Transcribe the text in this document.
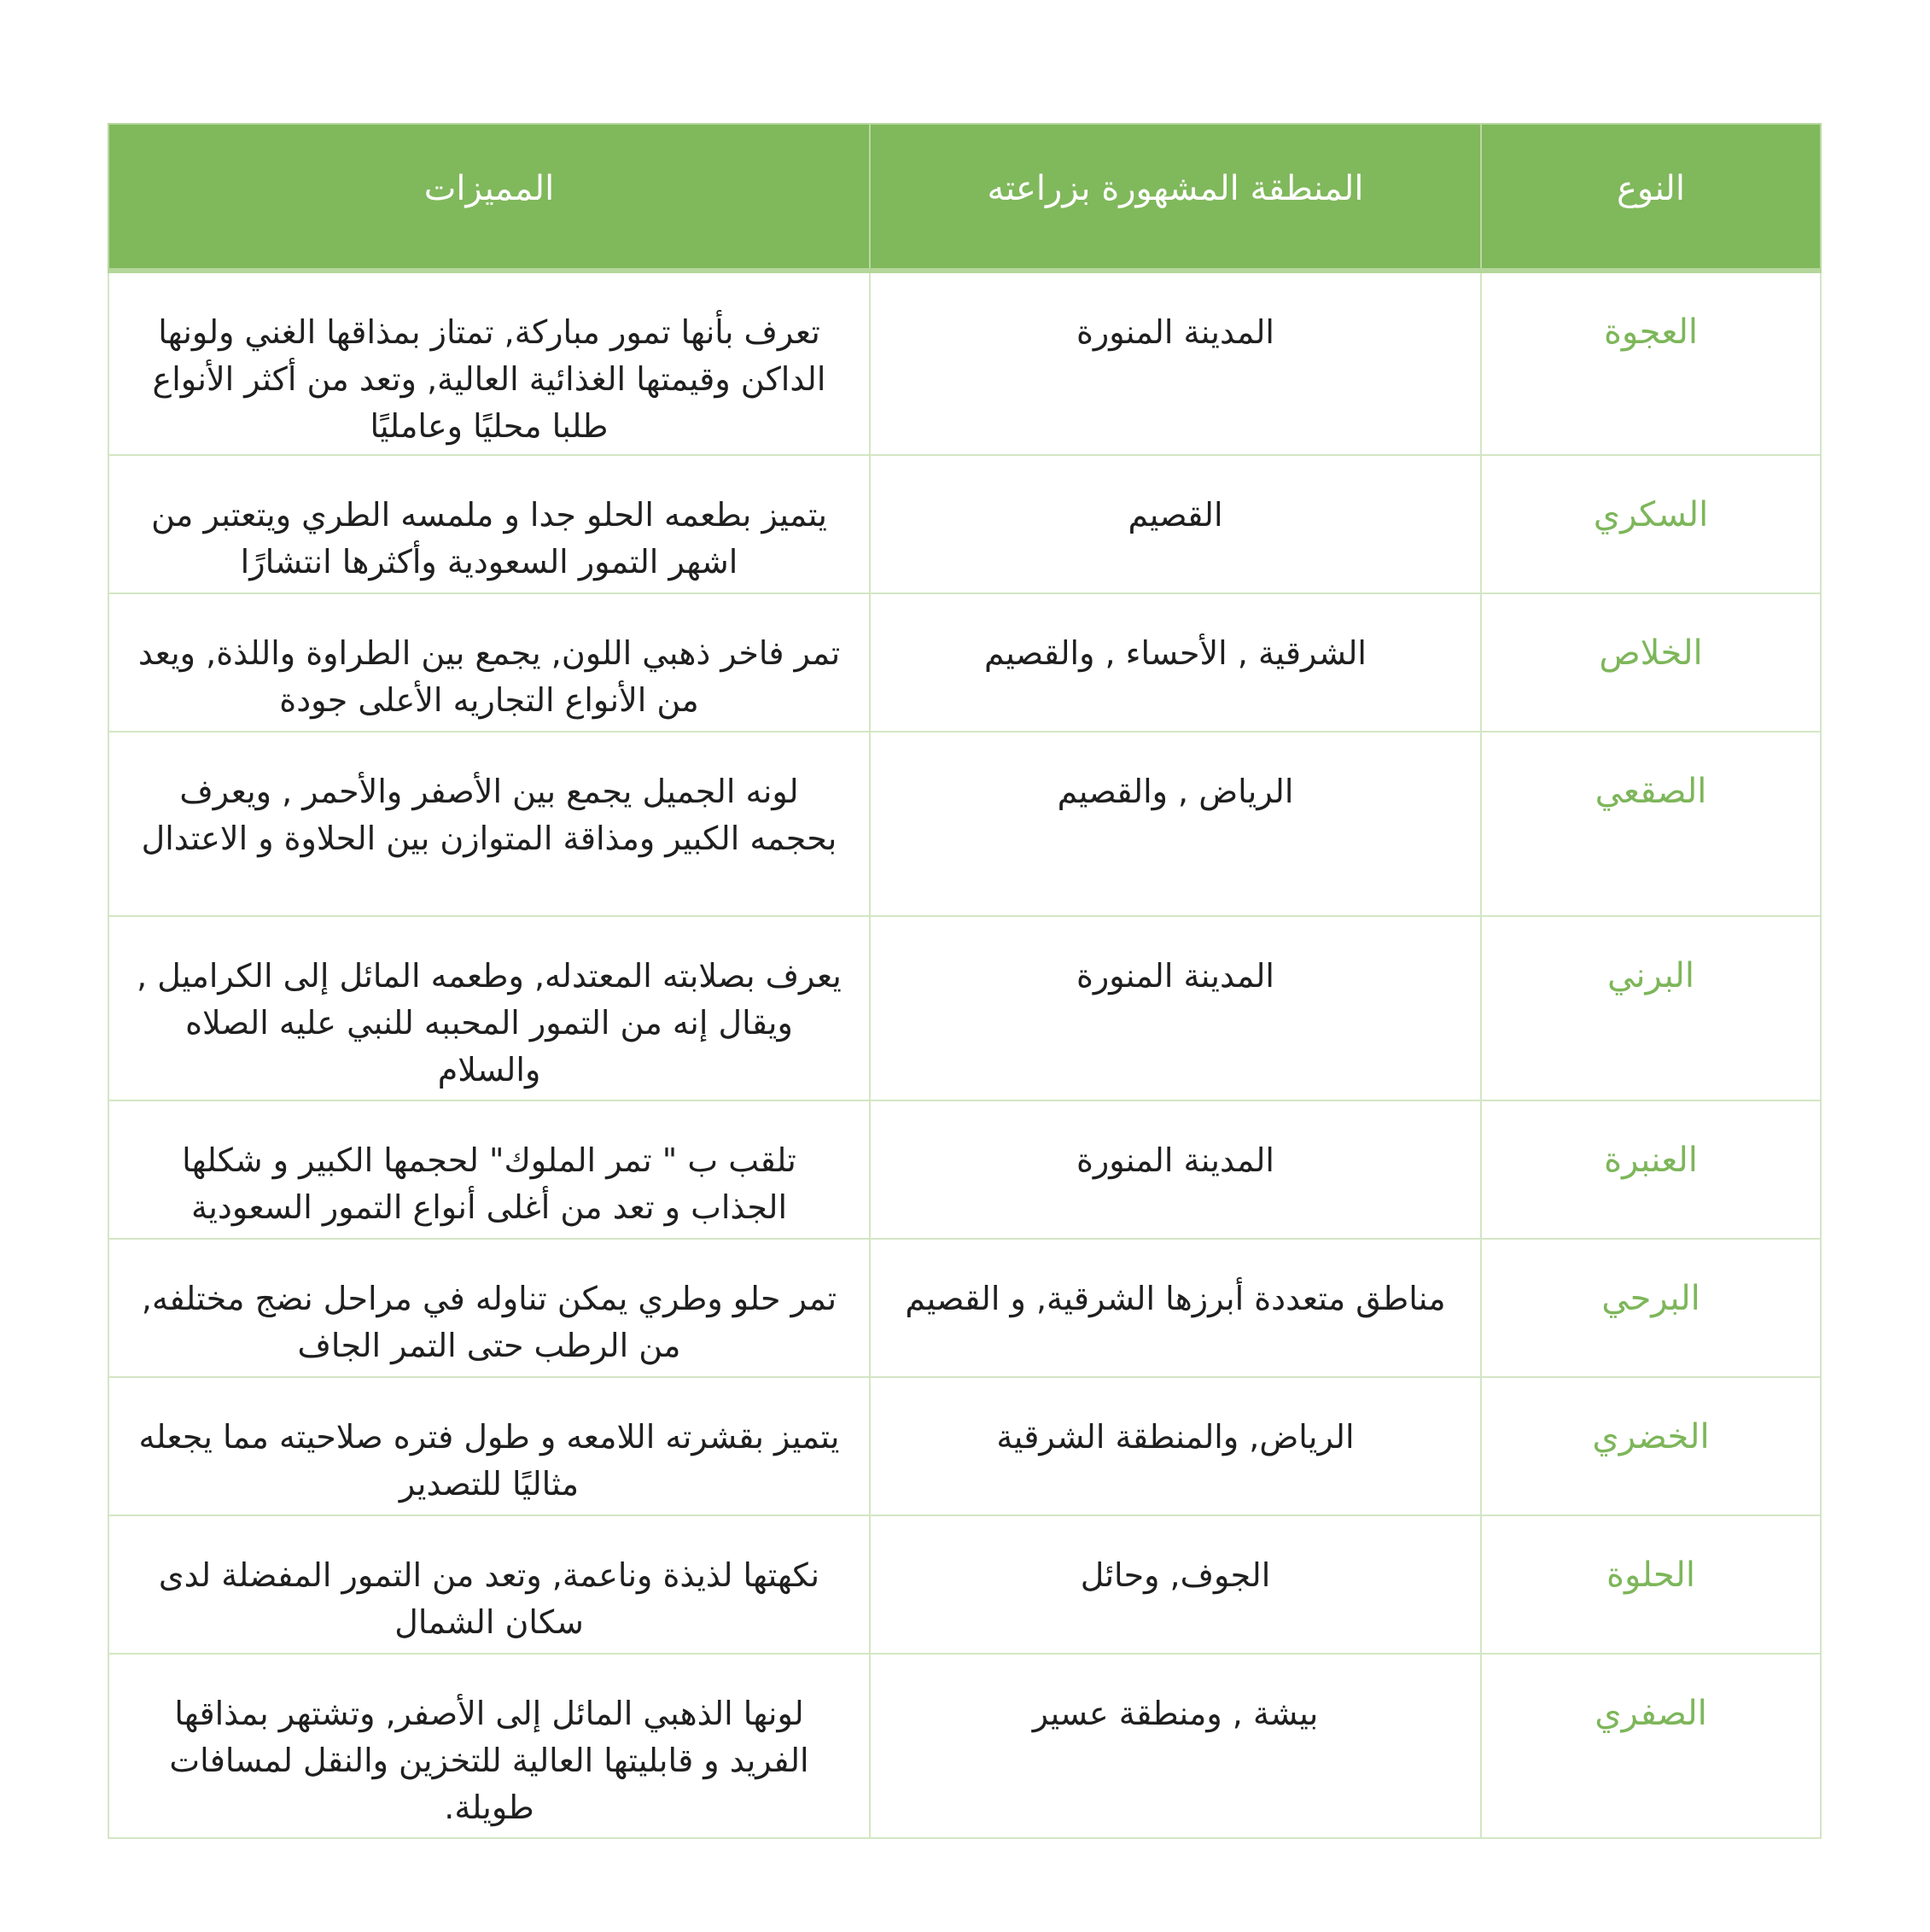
النوع	المنطقة المشهورة بزراعته	المميزات
العجوة	المدينة المنورة	تعرف بأنها تمور مباركة, تمتاز بمذاقها الغني ولونها الداكن وقيمتها الغذائية العالية, وتعد من أكثر الأنواع طلبا محليًا وعامليًا
السكري	القصيم	يتميز بطعمه الحلو جدا و ملمسه الطري ويتعتبر من اشهر التمور السعودية وأكثرها انتشارًا
الخلاص	الشرقية , الأحساء , والقصيم	تمر فاخر ذهبي اللون, يجمع بين الطراوة واللذة, ويعد من الأنواع التجاريه الأعلى جودة
الصقعي	الرياض , والقصيم	لونه الجميل يجمع بين الأصفر والأحمر , ويعرف بحجمه الكبير ومذاقة المتوازن بين الحلاوة و الاعتدال
البرني	المدينة المنورة	يعرف بصلابته المعتدله, وطعمه المائل إلى الكراميل , ويقال إنه من التمور المحببه للنبي عليه الصلاه والسلام
العنبرة	المدينة المنورة	تلقب ب " تمر الملوك" لحجمها الكبير و شكلها الجذاب و تعد من أغلى أنواع التمور السعودية
البرحي	مناطق متعددة أبرزها الشرقية, و القصيم	تمر حلو وطري يمكن تناوله في مراحل نضج مختلفه, من الرطب حتى التمر الجاف
الخضري	الرياض, والمنطقة الشرقية	يتميز بقشرته اللامعه و طول فتره صلاحيته مما يجعله مثاليًا للتصدير
الحلوة	الجوف, وحائل	نكهتها لذيذة وناعمة, وتعد من التمور المفضلة لدى سكان الشمال
الصفري	بيشة , ومنطقة عسير	لونها الذهبي المائل إلى الأصفر, وتشتهر بمذاقها الفريد و قابليتها العالية للتخزين والنقل لمسافات طويلة.
